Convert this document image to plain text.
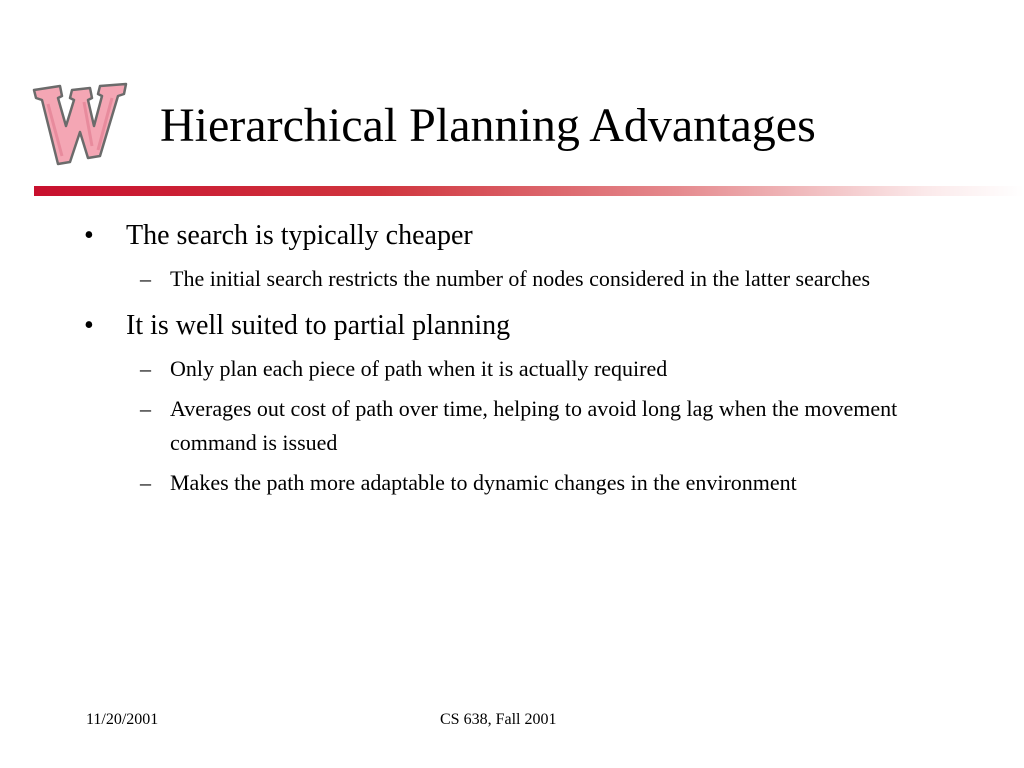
Hierarchical Planning Advantages
•	The search is typically cheaper
– The initial search restricts the number of nodes considered in the latter searches
•	It is well suited to partial planning
– Only plan each piece of path when it is actually required
– Averages out cost of path over time, helping to avoid long lag when the movement command is issued
– Makes the path more adaptable to dynamic changes in the environment
11/20/2001	CS 638, Fall 2001
